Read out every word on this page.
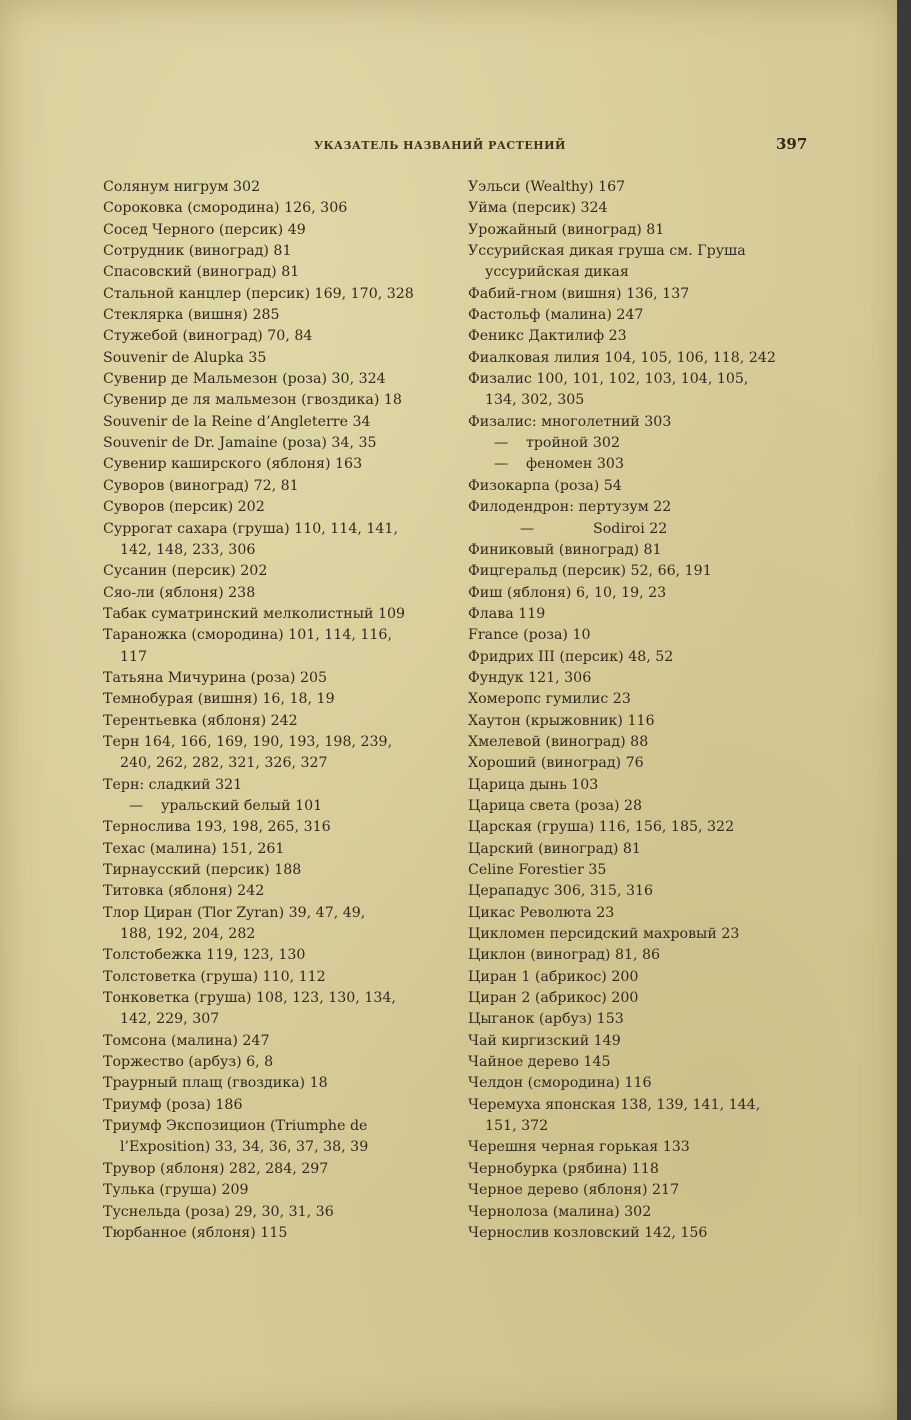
УКАЗАТЕЛЬ НАЗВАНИЙ РАСТЕНИЙ	397
Солянум нигрум 302
Сороковка (смородина) 126, 306
Сосед Черного (персик) 49
Сотрудник (виноград) 81
Спасовский (виноград) 81
Стальной канцлер (персик) 169, 170, 328
Стеклярка (вишня) 285
Стужебой (виноград) 70, 84
Souvenir de Alupka 35
Сувенир де Мальмезон (роза) 30, 324
Сувенир де ля мальмезон (гвоздика) 18
Souvenir de la Reine d’Angleterre 34
Souvenir de Dr. Jamaine (роза) 34, 35
Сувенир каширского (яблоня) 163
Суворов (виноград) 72, 81
Суворов (персик) 202
Суррогат сахара (груша) 110, 114, 141,
142, 148, 233, 306
Сусанин (персик) 202
Сяо-ли (яблоня) 238
Табак суматринский мелколистный 109
Тараножка (смородина) 101, 114, 116,
117
Татьяна Мичурина (роза) 205
Темнобурая (вишня) 16, 18, 19
Терентьевка (яблоня) 242
Терн 164, 166, 169, 190, 193, 198, 239,
240, 262, 282, 321, 326, 327
Терн: сладкий 321
— уральский белый 101
Тернослива 193, 198, 265, 316
Техас (малина) 151, 261
Тирнаусский (персик) 188
Титовка (яблоня) 242
Тлор Циран (Tlor Zyran) 39, 47, 49,
188, 192, 204, 282
Толстобежка 119, 123, 130
Толстоветка (груша) 110, 112
Тонковетка (груша) 108, 123, 130, 134,
142, 229, 307
Томсона (малина) 247
Торжество (арбуз) 6, 8
Траурный плащ (гвоздика) 18
Триумф (роза) 186
Триумф Экспозицион (Triumphe de
l’Exposition) 33, 34, 36, 37, 38, 39
Трувор (яблоня) 282, 284, 297
Тулька (груша) 209
Туснельда (роза) 29, 30, 31, 36
Тюрбанное (яблоня) 115
Уэльси (Wealthy) 167
Уйма (персик) 324
Урожайный (виноград) 81
Уссурийская дикая груша см. Груша
уссурийская дикая
Фабий-гном (вишня) 136, 137
Фастольф (малина) 247
Феникс Дактилиф 23
Фиалковая лилия 104, 105, 106, 118, 242
Физалис 100, 101, 102, 103, 104, 105,
134, 302, 305
Физалис: многолетний 303
— тройной 302
— феномен 303
Физокарпа (роза) 54
Филодендрон: пертузум 22
—	Sodiroi 22
Финиковый (виноград) 81
Фицгеральд (персик) 52, 66, 191
Фиш (яблоня) 6, 10, 19, 23
Флава 119
France (роза) 10
Фридрих III (персик) 48, 52
Фундук 121, 306
Хомеропс гумилис 23
Хаутон (крыжовник) 116
Хмелевой (виноград) 88
Хороший (виноград) 76
Царица дынь 103
Царица света (роза) 28
Царская (груша) 116, 156, 185, 322
Царский (виноград) 81
Celine Forestier 35
Церападус 306, 315, 316
Цикас Революта 23
Цикломен персидский махровый 23
Циклон (виноград) 81, 86
Циран 1 (абрикос) 200
Циран 2 (абрикос) 200
Цыганок (арбуз) 153
Чай киргизский 149
Чайное дерево 145
Челдон (смородина) 116
Черемуха японская 138, 139, 141, 144,
151, 372
Черешня черная горькая 133
Чернобурка (рябина) 118
Черное дерево (яблоня) 217
Чернолоза (малина) 302
Чернослив козловский 142, 156
